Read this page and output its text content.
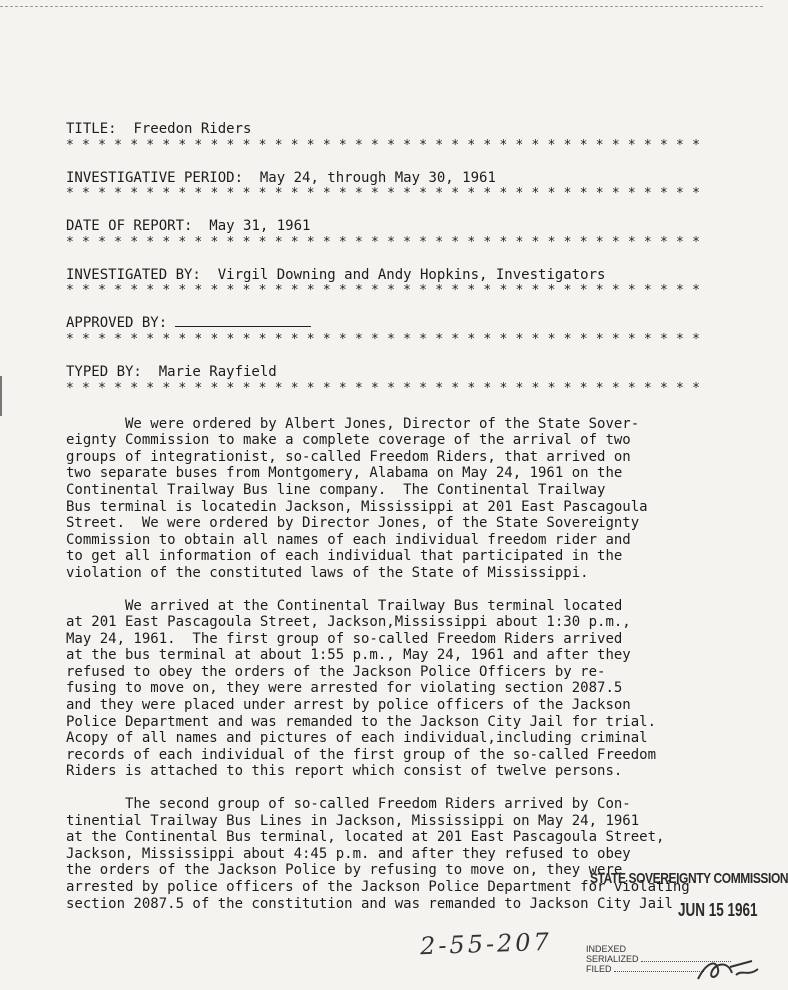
TITLE: Freedon Riders
* * * * * * * * * * * * * * * * * * * * * * * * * * * * * * * * * * * * * * * *
INVESTIGATIVE PERIOD: May 24, through May 30, 1961
* * * * * * * * * * * * * * * * * * * * * * * * * * * * * * * * * * * * * * * *
DATE OF REPORT: May 31, 1961
* * * * * * * * * * * * * * * * * * * * * * * * * * * * * * * * * * * * * * * *
INVESTIGATED BY: Virgil Downing and Andy Hopkins, Investigators
* * * * * * * * * * * * * * * * * * * * * * * * * * * * * * * * * * * * * * * *
APPROVED BY:
* * * * * * * * * * * * * * * * * * * * * * * * * * * * * * * * * * * * * * * *
TYPED BY: Marie Rayfield
* * * * * * * * * * * * * * * * * * * * * * * * * * * * * * * * * * * * * * * *
We were ordered by Albert Jones, Director of the State Sover-
eignty Commission to make a complete coverage of the arrival of two
groups of integrationist, so-called Freedom Riders, that arrived on
two separate buses from Montgomery, Alabama on May 24, 1961 on the
Continental Trailway Bus line company.  The Continental Trailway
Bus terminal is locatedin Jackson, Mississippi at 201 East Pascagoula
Street.  We were ordered by Director Jones, of the State Sovereignty
Commission to obtain all names of each individual freedom rider and
to get all information of each individual that participated in the
violation of the constituted laws of the State of Mississippi.
We arrived at the Continental Trailway Bus terminal located
at 201 East Pascagoula Street, Jackson,Mississippi about 1:30 p.m.,
May 24, 1961.  The first group of so-called Freedom Riders arrived
at the bus terminal at about 1:55 p.m., May 24, 1961 and after they
refused to obey the orders of the Jackson Police Officers by re-
fusing to move on, they were arrested for violating section 2087.5
and they were placed under arrest by police officers of the Jackson
Police Department and was remanded to the Jackson City Jail for trial.
Acopy of all names and pictures of each individual,including criminal
records of each individual of the first group of the so-called Freedom
Riders is attached to this report which consist of twelve persons.
The second group of so-called Freedom Riders arrived by Con-
tinential Trailway Bus Lines in Jackson, Mississippi on May 24, 1961
at the Continental Bus terminal, located at 201 East Pascagoula Street,
Jackson, Mississippi about 4:45 p.m. and after they refused to obey
the orders of the Jackson Police by refusing to move on, they were
arrested by police officers of the Jackson Police Department for violating
section 2087.5 of the constitution and was remanded to Jackson City Jail
2-55-207
STATE SOVEREIGNTY COMMISSION
JUN 15 1961
INDEXED
SERIALIZED
FILED
